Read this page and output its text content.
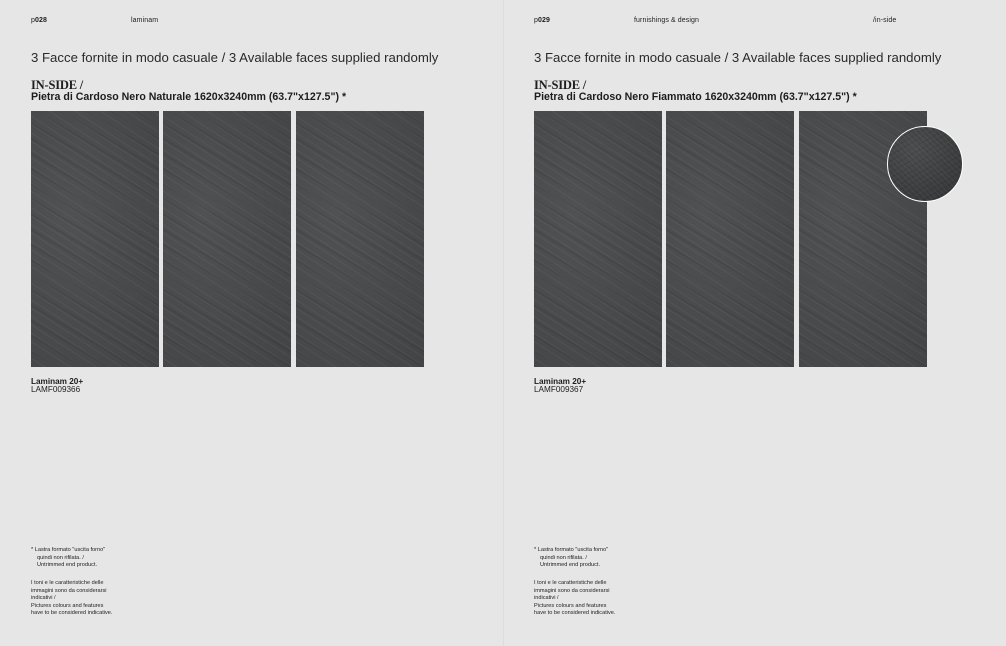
p028	laminam
3 Facce fornite in modo casuale / 3 Available faces supplied randomly
IN-SIDE /
Pietra di Cardoso Nero Naturale 1620x3240mm (63.7"x127.5") *
Laminam 20+
LAMF009366
* Lastra formato "uscita forno"
quindi non rifilata. /
Untrimmed end product.
I toni e le caratteristiche delle
immagini sono da considerarsi
indicativi /
Pictures colours and features
have to be considered indicative.
p029	furnishings & design	/in-side
3 Facce fornite in modo casuale / 3 Available faces supplied randomly
IN-SIDE /
Pietra di Cardoso Nero Fiammato 1620x3240mm (63.7"x127.5") *
Laminam 20+
LAMF009367
* Lastra formato "uscita forno"
quindi non rifilata. /
Untrimmed end product.
I toni e le caratteristiche delle
immagini sono da considerarsi
indicativi /
Pictures colours and features
have to be considered indicative.
